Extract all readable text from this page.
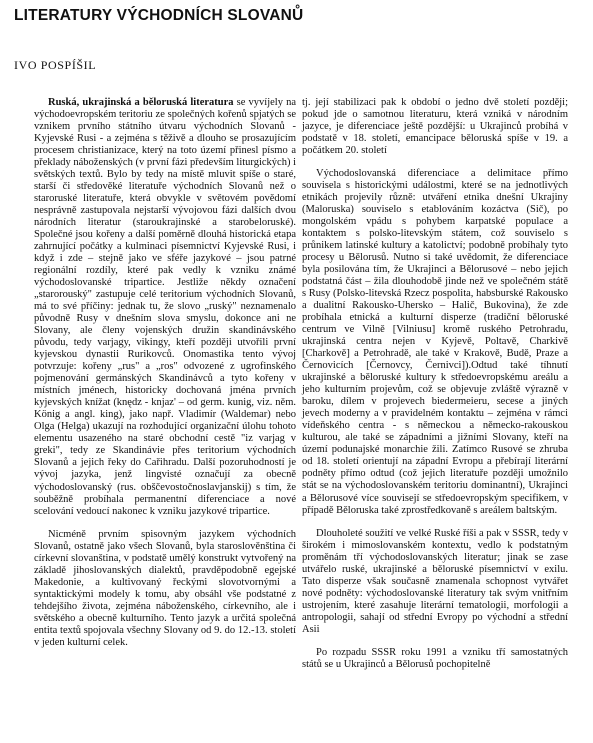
LITERATURY VÝCHODNÍCH SLOVANŮ
IVO POSPÍŠIL

Ruská, ukrajinská a běloruská literatura se vyvíjely na východoevropském teritoriu ze společných kořenů spjatých se vznikem prvního státního útvaru východních Slovanů - Kyjevské Rusi - a zejména s těživě a dlouho se prosazujícím procesem christianizace, který na toto území přinesl písmo a překlady náboženských (v první fázi především liturgických) i světských textů. Bylo by tedy na místě mluvit spíše o staré, starší či středověké literatuře východních Slovanů než o staroruské literatuře, která obvykle v světovém povědomí nesprávně zastupovala nejstarší vývojovou fázi dalších dvou národních literatur (staroukrajinské a starobeloruské). Společné jsou kořeny a další poměrně dlouhá historická etapa zahrnující počátky a kulminaci písemnictví Kyjevské Rusi, i když i zde – stejně jako ve sféře jazykové – jsou patrné regionální rozdíly, které pak vedly k vzniku známé východoslovanské tripartice. Jestliže někdy označení „starorouský" zastupuje celé teritorium východních Slovanů, má to své příčiny: jednak tu, že slovo „ruský" neznamenalo původně Rusy v dnešním slova smyslu, dokonce ani ne Slovany, ale členy vojenských družin skandinávského původu, tedy varjagy, vikingy, kteří později utvořili první kyjevskou dynastii Rurikovců. Onomastika tento vývoj potvrzuje: kořeny „rus" a „ros" odvozené z ugrofinského pojmenování germánských Skandinávců a tyto kořeny v místních jménech, historicky dochovaná jména prvních kyjevských knížat (knędz - knjaz' – od germ. kunig, viz. něm. König a angl. king), jako např. Vladimír (Waldemar) nebo Olga (Helga) ukazují na rozhodující organizační úlohu tohoto elementu usazeného na staré obchodní cestě "iz varjag v greki", tedy ze Skandinávie přes teritorium východních Slovanů a jejich řeky do Cařihradu. Další pozoruhodností je vývoj jazyka, jenž lingvisté označují za obecně východoslovanský (rus. obščevostočnoslavjanskij) s tím, že souběžně probíhala permanentní diferenciace a nové scelování vedoucí nakonec k vzniku jazykové tripartice.

Nicméně prvním spisovným jazykem východních Slovanů, ostatně jako všech Slovanů, byla staroslověnština či církevní slovanština, v podstatě umělý konstrukt vytvořený na základě jihoslovanských dialektů, pravděpodobně egejské Makedonie, a kultivovaný řeckými slovotvornými a syntaktickými modely k tomu, aby obsáhl vše podstatné z tehdejšího života, zejména náboženského, církevního, ale i světského a obecně kulturního. Tento jazyk a určitá společná entita textů spojovala všechny Slovany od 9. do 12.-13. století v jeden kulturní celek.

tj. její stabilizaci pak k období o jedno dvě století později; pokud jde o samotnou literaturu, která vzniká v národním jazyce, je diferenciace ještě pozdější: u Ukrajinců probíhá v podstatě v 18. století, emancipace běloruská spíše v 19. a počátkem 20. století

Východoslovanská diferenciace a delimitace přímo souvisela s historickými událostmi, které se na jednotlivých etnikách projevily různě: utváření etnika dnešní Ukrajiny (Maloruska) souviselo s etablováním kozáctva (Sič), po mongolském vpádu s pohybem karpatské populace a kontaktem s polsko-litevským státem, což souviselo s průnikem latinské kultury a katolictví; podobně probíhaly tyto procesy u Bělorusů. Nutno si také uvědomit, že diferenciace byla posilována tím, že Ukrajinci a Bělorusové – nebo jejich podstatná část – žila dlouhodobě jinde než ve společném státě s Rusy (Polsko-litevská Rzecz pospolita, habsburské Rakousko a dualitní Rakousko-Uhersko – Halič, Bukovina), že zde probíhala etnická a kulturní disperze (tradiční běloruské centrum ve Vilně [Vilniusu] kromě ruského Petrohradu, ukrajinská centra nejen v Kyjevě, Poltavě, Charkivě [Charkově] a Petrohradě, ale také v Krakově, Budě, Praze a Černovicích [Černovcy, Černivci]).Odtud také tíhnutí ukrajinské a běloruské kultury k středoevropskému areálu a jeho kulturním projevům, což se objevuje zvláště výrazně v baroku, dílem v projevech biedermeieru, secese a jiných jevech moderny a v pravidelném kontaktu – zejména v rámci vídeňského centra - s německou a německo-rakouskou kulturou, ale také se západními a jižními Slovany, kteří na území podunajské monarchie žili. Zatímco Rusové se zhruba od 18. století orientují na západní Evropu a přebírají literární podněty přímo odtud (což jejich literatuře později umožnilo stát se na východoslovanském teritoriu dominantní), Ukrajinci a Bělorusové více souvisejí se středoevropským specifikem, v případě Běloruska také zprostředkovaně s areálem baltským.

Dlouholeté soužití ve velké Ruské říši a pak v SSSR, tedy v širokém i mimoslovanském kontextu, vedlo k podstatným proměnám tří východoslovanských literatur; jinak se zase utvářelo ruské, ukrajinské a běloruské písemnictví v exilu. Tato disperze však současně znamenala schopnost vytvářet nové podněty: východoslovanské literatury tak svým vnitřním ustrojením, které zasahuje literární tematologii, morfologii a antropologii, sahají od střední Evropy po východní a střední Asii

Po rozpadu SSSR roku 1991 a vzniku tří samostatných států se u Ukrajinců a Bělorusů pochopitelně
